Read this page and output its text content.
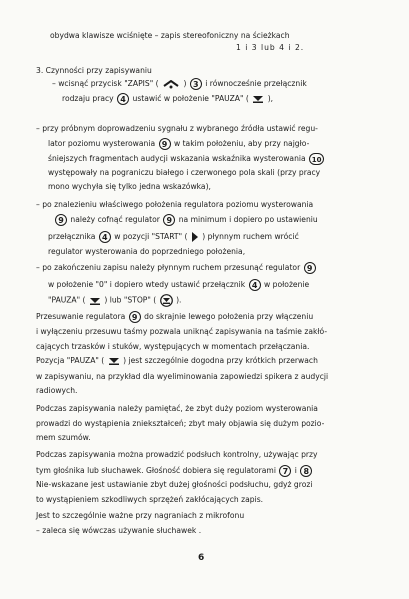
obydwa klawisze wciśnięte – zapis stereofoniczny na ścieżkach
1 i 3 lub 4 i 2.
3. Czynności przy zapisywaniu
– wcisnąć przycisk "ZAPIS" (	) 3 i równocześnie przełącznik
rodzaju pracy 4 ustawić w położenie "PAUZA" ( ),
– przy próbnym doprowadzeniu sygnału z wybranego źródła ustawić regu-
lator poziomu wysterowania 9 w takim położeniu, aby przy najgło-
śniejszych fragmentach audycji wskazania wskaźnika wysterowania 10
występowały na pograniczu białego i czerwonego pola skali (przy pracy
mono wychyła się tylko jedna wskazówka),
– po znalezieniu właściwego położenia regulatora poziomu wysterowania
9 należy cofnąć regulator 9 na minimum i dopiero po ustawieniu
przełącznika 4 w pozycji "START" ( ) płynnym ruchem wrócić
regulator wysterowania do poprzedniego położenia,
– po zakończeniu zapisu należy płynnym ruchem przesunąć regulator 9
w położenie "0" i dopiero wtedy ustawić przełącznik 4 w położenie
"PAUZA" ( ) lub "STOP" (	).
Przesuwanie regulatora 9 do skrajnie lewego położenia przy włączeniu
i wyłączeniu przesuwu taśmy pozwala uniknąć zapisywania na taśmie zakłó-
cających trzasków i stuków, występujących w momentach przełączania.
Pozycja "PAUZA" ( ) jest szczególnie dogodna przy krótkich przerwach
w zapisywaniu, na przykład dla wyeliminowania zapowiedzi spikera z audycji
radiowych.
Podczas zapisywania należy pamiętać, że zbyt duży poziom wysterowania
prowadzi do wystąpienia zniekształceń; zbyt mały objawia się dużym pozio-
mem szumów.
Podczas zapisywania można prowadzić podsłuch kontrolny, używając przy
tym głośnika lub słuchawek. Głośność dobiera się regulatorami 7 i 8
Nie-wskazane jest ustawianie zbyt dużej głośności podsłuchu, gdyż grozi
to wystąpieniem szkodliwych sprzężeń zakłócających zapis.
Jest to szczególnie ważne przy nagraniach z mikrofonu
– zaleca się wówczas używanie słuchawek .
6
